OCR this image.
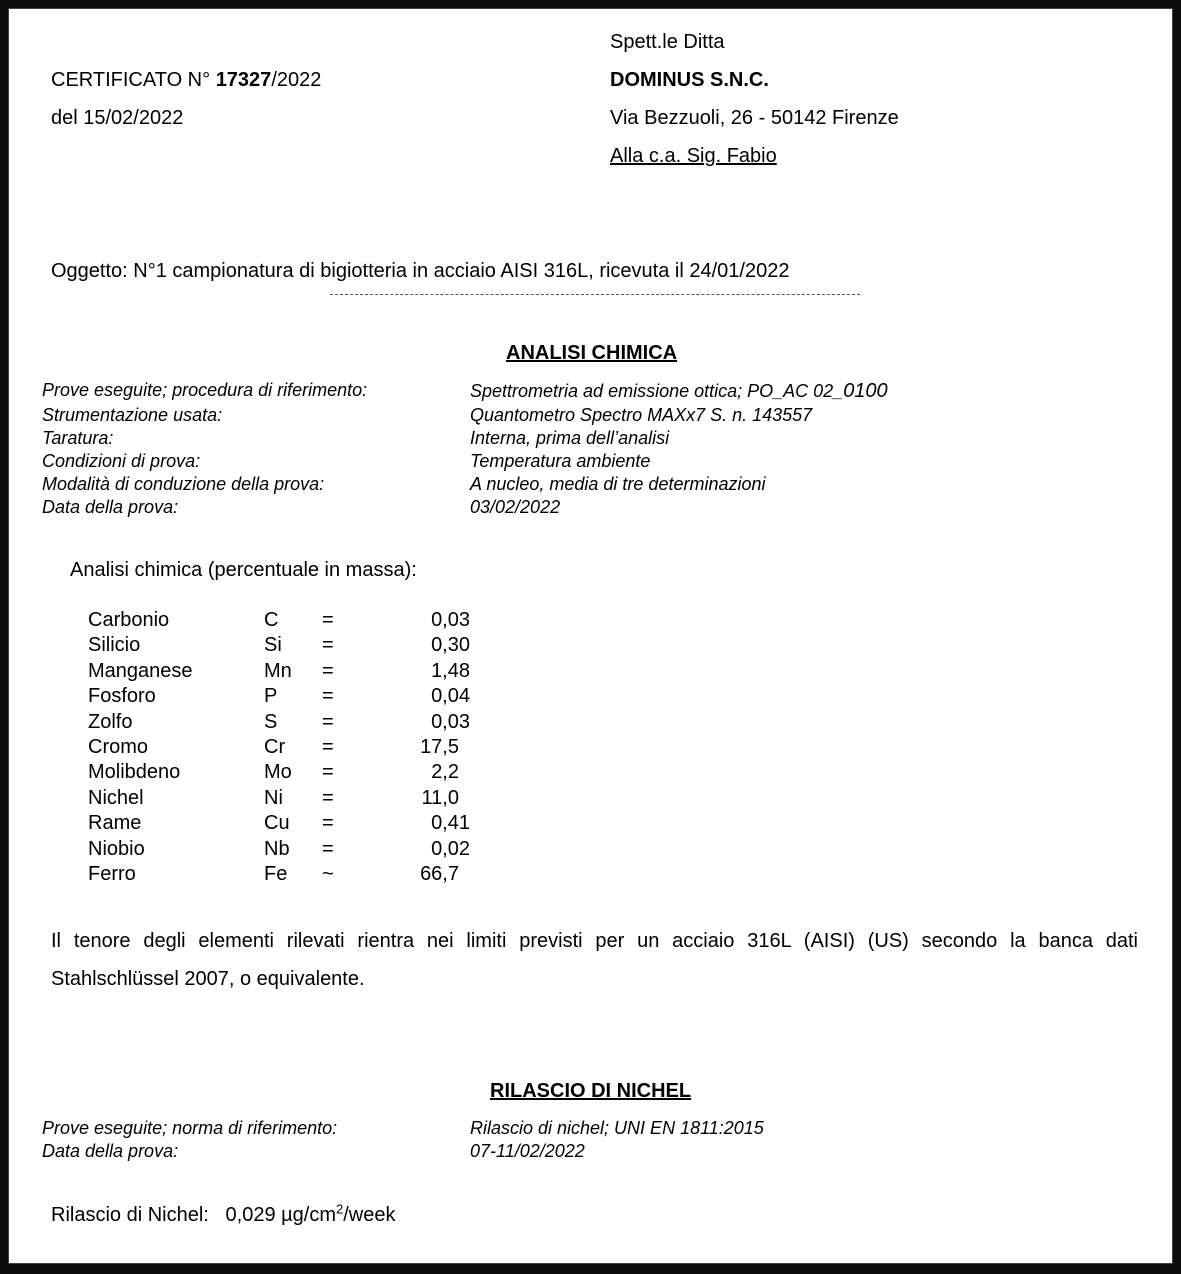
CERTIFICATO N° 17327/2022
del 15/02/2022
Spett.le Ditta
DOMINUS S.N.C.
Via Bezzuoli, 26 - 50142 Firenze
Alla c.a. Sig. Fabio
Oggetto: N°1 campionatura di bigiotteria in acciaio AISI 316L, ricevuta il 24/01/2022
ANALISI CHIMICA
Prove eseguite; procedura di riferimento:	Spettrometria ad emissione ottica; PO_AC 02_0100
Strumentazione usata:	Quantometro Spectro MAXx7 S. n. 143557
Taratura:	Interna, prima dell’analisi
Condizioni di prova:	Temperatura ambiente
Modalità di conduzione della prova:	A nucleo, media di tre determinazioni
Data della prova:	03/02/2022
Analisi chimica (percentuale in massa):
Carbonio	C =	0,03
Silicio	Si =	0,30
Manganese	Mn =	1,48
Fosforo	P =	0,04
Zolfo	S =	0,03
Cromo	Cr =	17,5
Molibdeno	Mo =	2,2
Nichel	Ni =	11,0
Rame	Cu =	0,41
Niobio	Nb =	0,02
Ferro	Fe ~	66,7
Il tenore degli elementi rilevati rientra nei limiti previsti per un acciaio 316L (AISI) (US) secondo la banca dati Stahlschlüssel 2007, o equivalente.
RILASCIO DI NICHEL
Prove eseguite; norma di riferimento:	Rilascio di nichel; UNI EN 1811:2015
Data della prova:	07-11/02/2022
Rilascio di Nichel: 0,029 $\mu g/cm^2$/week
